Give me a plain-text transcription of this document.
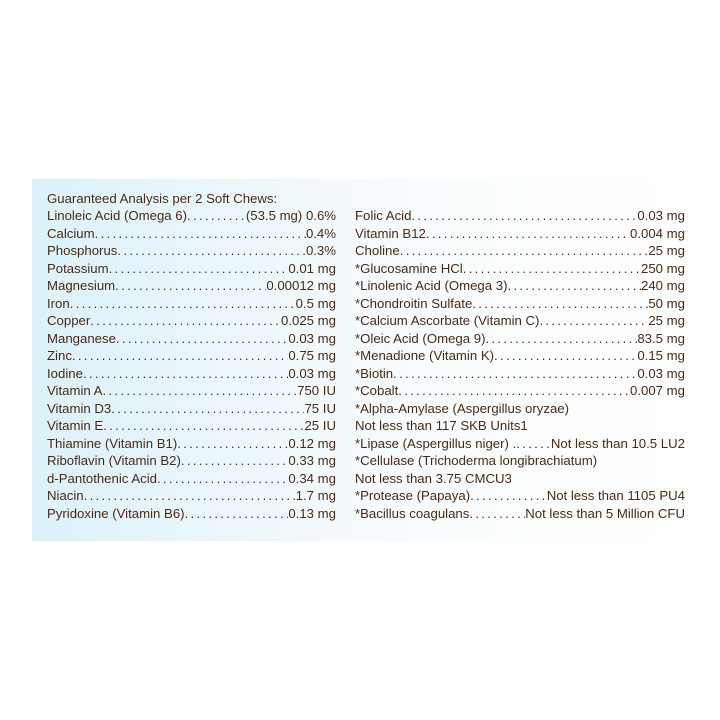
Guaranteed Analysis per 2 Soft Chews:
Linoleic Acid (Omega 6) .....	(53.5 mg) 0.6%
Calcium .....	0.4%
Phosphorus .....	0.3%
Potassium .....	0.01 mg
Magnesium .....	0.00012 mg
Iron .....	0.5 mg
Copper .....	0.025 mg
Manganese .....	0.03 mg
Zinc .....	0.75 mg
Iodine .....	0.03 mg
Vitamin A .....	750 IU
Vitamin D3 .....	75 IU
Vitamin E .....	25 IU
Thiamine (Vitamin B1) .....	0.12 mg
Riboflavin (Vitamin B2) .....	0.33 mg
d-Pantothenic Acid .....	0.34 mg
Niacin .....	1.7 mg
Pyridoxine (Vitamin B6) .....	0.13 mg
Folic Acid .....	0.03 mg
Vitamin B12 .....	0.004 mg
Choline .....	25 mg
*Glucosamine HCl .....	250 mg
*Linolenic Acid (Omega 3) .....	240 mg
*Chondroitin Sulfate .....	50 mg
*Calcium Ascorbate (Vitamin C) .....	25 mg
*Oleic Acid (Omega 9) .....	83.5 mg
*Menadione (Vitamin K) .....	0.15 mg
*Biotin .....	0.03 mg
*Cobalt .....	0.007 mg
*Alpha-Amylase (Aspergillus oryzae)
Not less than 117 SKB Units1
*Lipase (Aspergillus niger) . .....	Not less than 10.5 LU2
*Cellulase (Trichoderma longibrachiatum)
Not less than 3.75 CMCU3
*Protease (Papaya) .....	Not less than 1105 PU4
*Bacillus coagulans .....	Not less than 5 Million CFU
